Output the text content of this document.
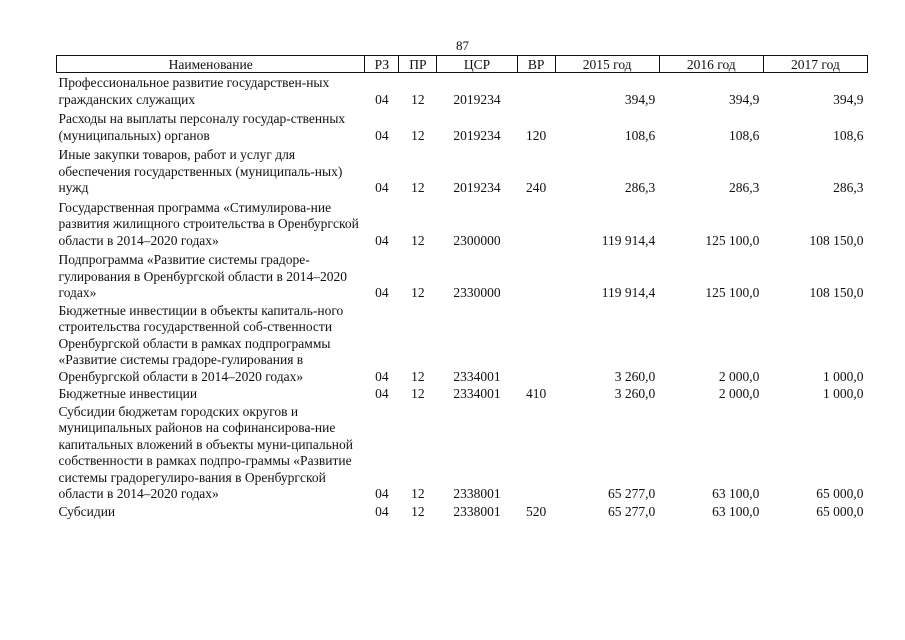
87
Наименование	РЗ	ПР	ЦСР	ВР	2015 год	2016 год	2017 год
Профессиональное развитие государствен-ных гражданских служащих	04	12	2019234		394,9	394,9	394,9
Расходы на выплаты персоналу государ-ственных (муниципальных) органов	04	12	2019234	120	108,6	108,6	108,6
Иные закупки товаров, работ и услуг для обеспечения государственных (муниципаль-ных) нужд	04	12	2019234	240	286,3	286,3	286,3
Государственная программа «Стимулирова-ние развития жилищного строительства в Оренбургской области в 2014–2020 годах»	04	12	2300000		119 914,4	125 100,0	108 150,0
Подпрограмма «Развитие системы градоре-гулирования в Оренбургской области в 2014–2020 годах»	04	12	2330000		119 914,4	125 100,0	108 150,0
Бюджетные инвестиции в объекты капиталь-ного строительства государственной соб-ственности Оренбургской области в рамках подпрограммы «Развитие системы градоре-гулирования в Оренбургской области в 2014–2020 годах»	04	12	2334001		3 260,0	2 000,0	1 000,0
Бюджетные инвестиции	04	12	2334001	410	3 260,0	2 000,0	1 000,0
Субсидии бюджетам городских округов и муниципальных районов на софинансирова-ние капитальных вложений в объекты муни-ципальной собственности в рамках подпро-граммы «Развитие системы градорегулиро-вания в Оренбургской области в 2014–2020 годах»	04	12	2338001		65 277,0	63 100,0	65 000,0
Субсидии	04	12	2338001	520	65 277,0	63 100,0	65 000,0
